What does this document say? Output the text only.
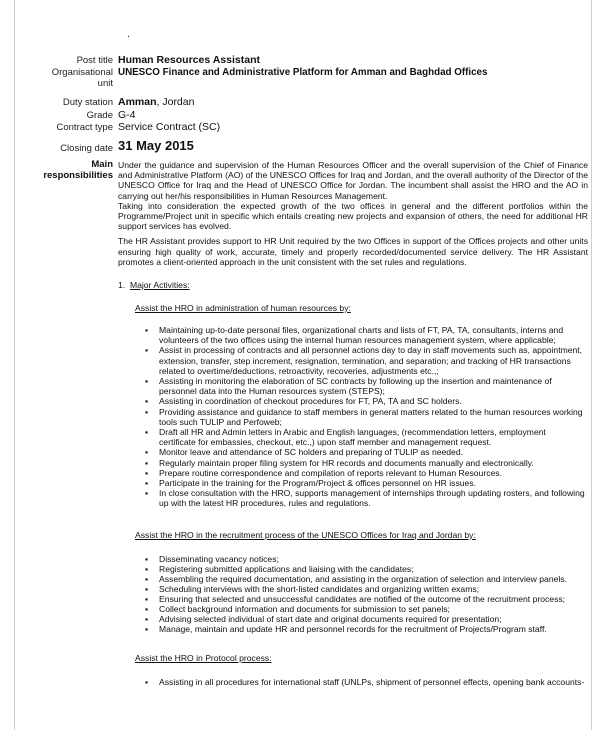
.
Post title Human Resources Assistant
Organisational
unit
UNESCO Finance and Administrative Platform for Amman and Baghdad Offices
Duty station Amman, Jordan
Grade G-4
Contract type Service Contract (SC)
Closing date 31 May 2015
Main
responsibilities

Under the guidance and supervision of the Human Resources Officer and the overall supervision of the Chief of Finance and Administrative Platform (AO) of the UNESCO Offices for Iraq and Jordan, and the overall authority of the Director of the UNESCO Office for Iraq and the Head of UNESCO Office for Jordan. The incumbent shall assist the HRO and the AO in carrying out her/his responsibilities in Human Resources Management.

Taking into consideration the expected growth of the two offices in general and the different portfolios within the Programme/Project unit in specific which entails creating new projects and expansion of others, the need for additional HR support services has evolved.

The HR Assistant provides support to HR Unit required by the two Offices in support of the Offices projects and other units ensuring high quality of work, accurate, timely and properly recorded/documented service delivery. The HR Assistant promotes a client-oriented approach in the unit consistent with the set rules and regulations.

1. Major Activities:
Assist the HRO in administration of human resources by:
▪ Maintaining up-to-date personal files, organizational charts and lists of FT, PA, TA, consultants, interns and volunteers of the two offices using the internal human resources management system, where applicable;
▪ Assist in processing of contracts and all personnel actions day to day in staff movements such as, appointment, extension, transfer, step increment, resignation, termination, and separation; and tracking of HR transactions related to overtime/deductions, retroactivity, recoveries, adjustments etc.,;
▪ Assisting in monitoring the elaboration of SC contracts by following up the insertion and maintenance of personnel data into the Human resources system (STEPS);
▪ Assisting in coordination of checkout procedures for FT, PA, TA and SC holders.
▪ Providing assistance and guidance to staff members in general matters related to the human resources working tools such TULIP and Perfoweb;
▪ Draft all HR and Admin letters in Arabic and English languages, (recommendation letters, employment certificate for embassies, checkout, etc.,) upon staff member and management request.
▪ Monitor leave and attendance of SC holders and preparing of TULIP as needed.
▪ Regularly maintain proper filing system for HR records and documents manually and electronically.
▪ Prepare routine correspondence and compilation of reports relevant to Human Resources.
▪ Participate in the training for the Program/Project & offices personnel on HR issues.
▪ In close consultation with the HRO, supports management of internships through updating rosters, and following up with the latest HR procedures, rules and regulations.
Assist the HRO in the recruitment process of the UNESCO Offices for Iraq and Jordan by:
▪ Disseminating vacancy notices;
▪ Registering submitted applications and liaising with the candidates;
▪ Assembling the required documentation, and assisting in the organization of selection and interview panels.
▪ Scheduling interviews with the short-listed candidates and organizing written exams;
▪ Ensuring that selected and unsuccessful candidates are notified of the outcome of the recruitment process;
▪ Collect background information and documents for submission to set panels;
▪ Advising selected individual of start date and original documents required for presentation;
▪ Manage, maintain and update HR and personnel records for the recruitment of Projects/Program staff.
Assist the HRO in Protocol process:
▪ Assisting in all procedures for international staff (UNLPs, shipment of personnel effects, opening bank accounts-
